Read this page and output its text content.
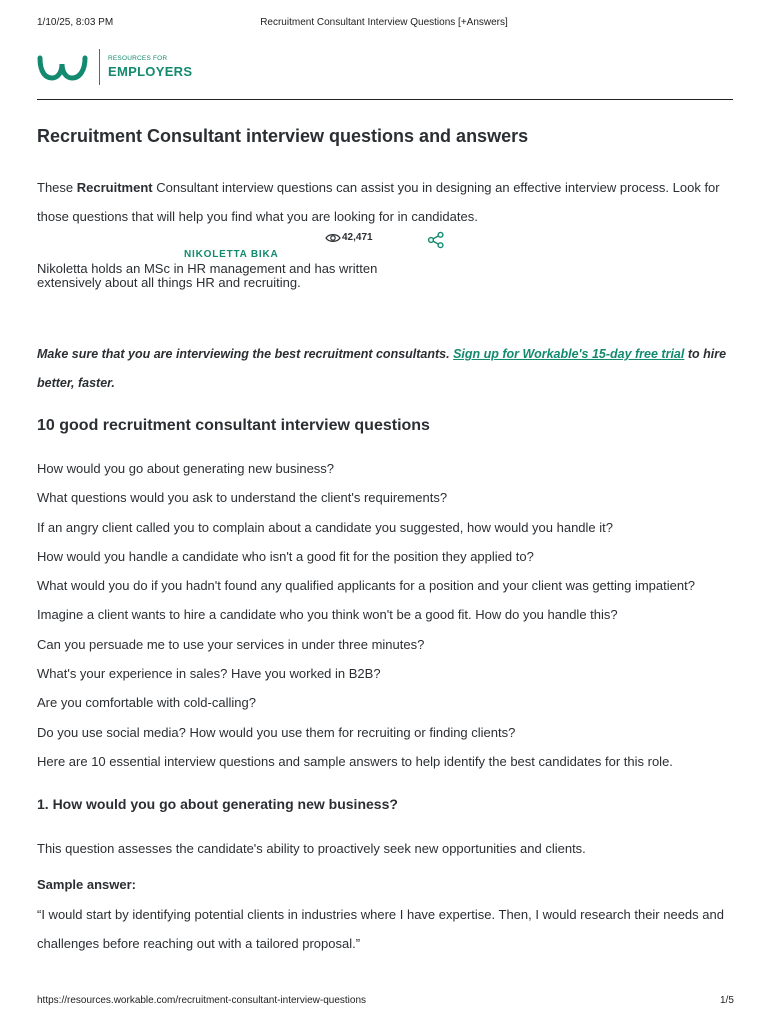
1/10/25, 8:03 PM	Recruitment Consultant Interview Questions [+Answers]
RESOURCES FOR
EMPLOYERS
Recruitment Consultant interview questions and answers
These Recruitment Consultant interview questions can assist you in designing an effective interview process. Look for those questions that will help you find what you are looking for in candidates.
42,471
NIKOLETTA BIKA
Nikoletta holds an MSc in HR management and has written extensively about all things HR and recruiting.
Make sure that you are interviewing the best recruitment consultants. Sign up for Workable's 15-day free trial to hire better, faster.
10 good recruitment consultant interview questions
How would you go about generating new business?
What questions would you ask to understand the client's requirements?
If an angry client called you to complain about a candidate you suggested, how would you handle it?
How would you handle a candidate who isn't a good fit for the position they applied to?
What would you do if you hadn't found any qualified applicants for a position and your client was getting impatient?
Imagine a client wants to hire a candidate who you think won't be a good fit. How do you handle this?
Can you persuade me to use your services in under three minutes?
What's your experience in sales? Have you worked in B2B?
Are you comfortable with cold-calling?
Do you use social media? How would you use them for recruiting or finding clients?
Here are 10 essential interview questions and sample answers to help identify the best candidates for this role.
1. How would you go about generating new business?
This question assesses the candidate's ability to proactively seek new opportunities and clients.
Sample answer:
“I would start by identifying potential clients in industries where I have expertise. Then, I would research their needs and challenges before reaching out with a tailored proposal.”
https://resources.workable.com/recruitment-consultant-interview-questions	1/5
